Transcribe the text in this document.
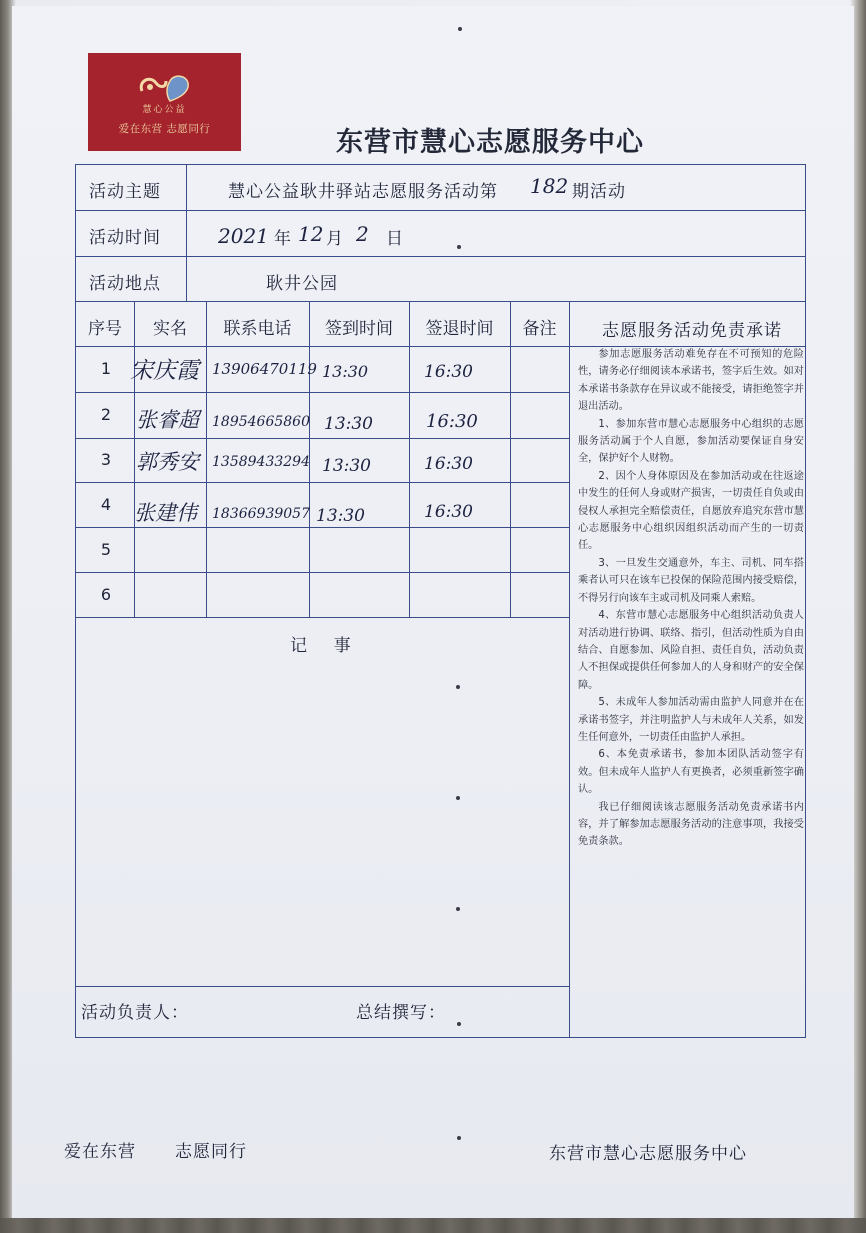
慧心公益
爱在东营 志愿同行	东营市慧心志愿服务中心
活动主题	慧心公益耿井驿站志愿服务活动第 182 期活动
活动时间	2021 年 12 月 2 日
活动地点	耿井公园
序号	实名	联系电话	签到时间	签退时间	备注
1 宋庆霞 13906470119 13:30	16:30
2	张睿超 18954665860 13:30	16:30
3	郭秀安 13589433294 13:30	16:30
4	张建伟 18366939057 13:30	16:30
5
6
记    事
志愿服务活动免责承诺

参加志愿服务活动难免存在不可预知的危险性，请务必仔细阅读本承诺书，签字后生效。如对本承诺书条款存在异议或不能接受，请拒绝签字并退出活动。

1、参加东营市慧心志愿服务中心组织的志愿服务活动属于个人自愿，参加活动要保证自身安全，保护好个人财物。

2、因个人身体原因及在参加活动或在往返途中发生的任何人身或财产损害，一切责任自负或由侵权人承担完全赔偿责任，自愿放弃追究东营市慧心志愿服务中心组织因组织活动而产生的一切责任。

3、一旦发生交通意外，车主、司机、同车搭乘者认可只在该车已投保的保险范围内接受赔偿，不得另行向该车主或司机及同乘人索赔。

4、东营市慧心志愿服务中心组织活动负责人对活动进行协调、联络、指引，但活动性质为自由结合、自愿参加、风险自担、责任自负，活动负责人不担保或提供任何参加人的人身和财产的安全保障。

5、未成年人参加活动需由监护人同意并在在承诺书签字，并注明监护人与未成年人关系，如发生任何意外，一切责任由监护人承担。

6、本免责承诺书，参加本团队活动签字有效。但未成年人监护人有更换者，必须重新签字确认。

我已仔细阅读该志愿服务活动免责承诺书内容，并了解参加志愿服务活动的注意事项，我接受免责条款。

活动负责人：	总结撰写：
爱在东营 志愿同行	东营市慧心志愿服务中心
